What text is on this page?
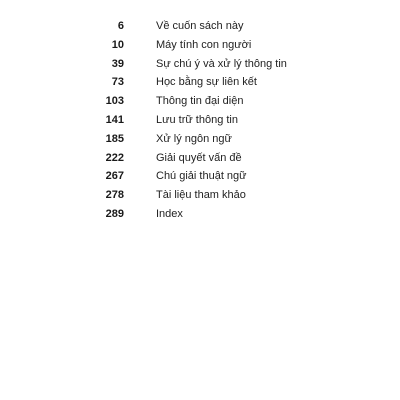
6	Về cuốn sách này
10	Máy tính con người
39	Sự chú ý và xử lý thông tin
73	Học bằng sự liên kết
103	Thông tin đại diện
141	Lưu trữ thông tin
185	Xử lý ngôn ngữ
222	Giải quyết vấn đề
267	Chú giải thuật ngữ
278	Tài liệu tham khảo
289	Index
